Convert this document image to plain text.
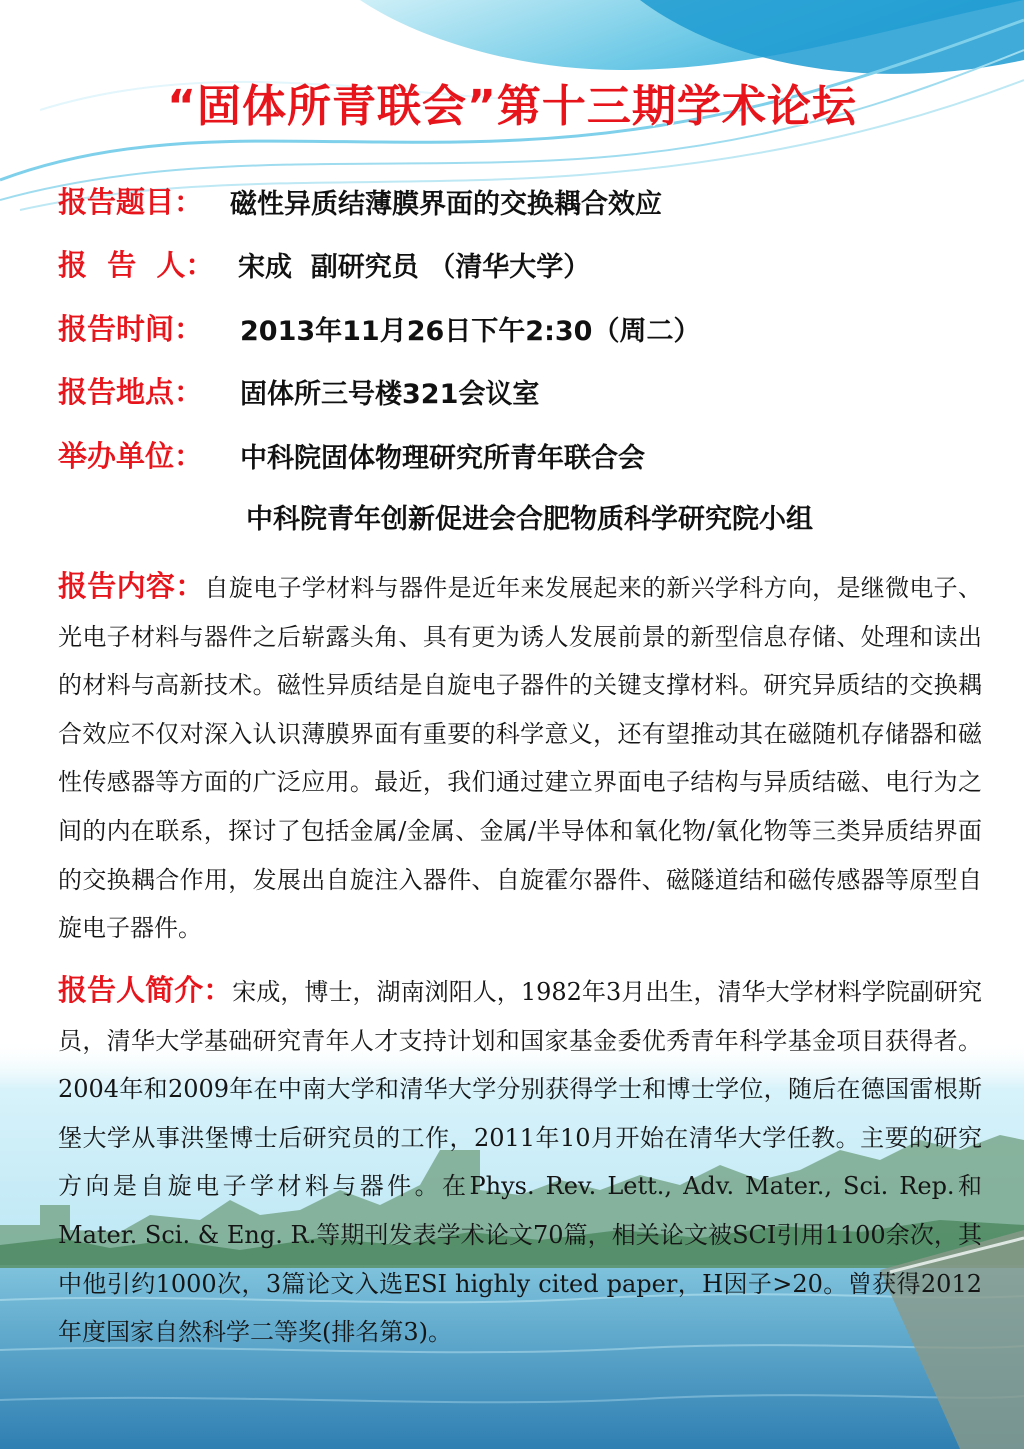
“固体所青联会”第十三期学术论坛
报告题目： 磁性异质结薄膜界面的交换耦合效应
报  告  人： 宋成  副研究员 （清华大学）
报告时间： 2013年11月26日下午2:30（周二）
报告地点： 固体所三号楼321会议室
举办单位： 中科院固体物理研究所青年联合会
中科院青年创新促进会合肥物质科学研究院小组
报告内容：自旋电子学材料与器件是近年来发展起来的新兴学科方向，是继微电子、光电子材料与器件之后崭露头角、具有更为诱人发展前景的新型信息存储、处理和读出的材料与高新技术。磁性异质结是自旋电子器件的关键支撑材料。研究异质结的交换耦合效应不仅对深入认识薄膜界面有重要的科学意义，还有望推动其在磁随机存储器和磁性传感器等方面的广泛应用。最近，我们通过建立界面电子结构与异质结磁、电行为之间的内在联系，探讨了包括金属/金属、金属/半导体和氧化物/氧化物等三类异质结界面的交换耦合作用，发展出自旋注入器件、自旋霍尔器件、磁隧道结和磁传感器等原型自旋电子器件。
报告人简介：宋成，博士，湖南浏阳人，1982年3月出生，清华大学材料学院副研究员，清华大学基础研究青年人才支持计划和国家基金委优秀青年科学基金项目获得者。2004年和2009年在中南大学和清华大学分别获得学士和博士学位，随后在德国雷根斯堡大学从事洪堡博士后研究员的工作，2011年10月开始在清华大学任教。主要的研究方向是自旋电子学材料与器件。在Phys. Rev. Lett., Adv. Mater., Sci. Rep.和Mater. Sci. & Eng. R.等期刊发表学术论文70篇，相关论文被SCI引用1100余次，其中他引约1000次，3篇论文入选ESI highly cited paper，H因子>20。曾获得2012年度国家自然科学二等奖(排名第3)。
